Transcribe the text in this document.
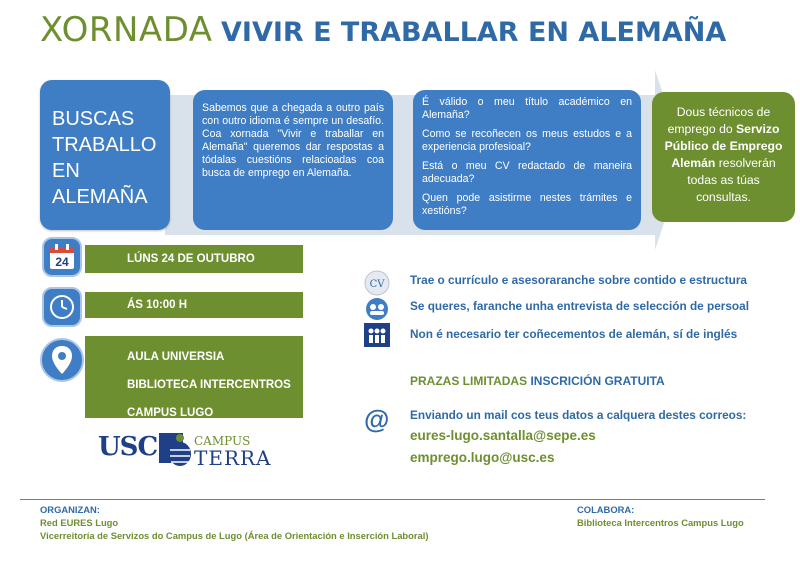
XORNADA VIVIR E TRABALLAR EN ALEMAÑA
BUSCAS
TRABALLO
EN
ALEMAÑA
Sabemos que a chegada a outro país con outro idioma é sempre un desafío. Coa xornada "Vivir e traballar en Alemaña" queremos dar respostas a tódalas cuestións relacioadas coa busca de emprego en Alemaña.

É válido o meu título académico en Alemaña?

Como se recoñecen os meus estudos e a experiencia profesioal?

Está o meu CV redactado de maneira adecuada?

Quen pode asistirme nestes trámites e xestións?

Dous técnicos de emprego do Servizo Público de Emprego Alemán resolverán todas as túas consultas.
24	LÚNS 24 DE OUTUBRO
ÁS 10:00 H
AULA UNIVERSIA
BIBLIOTECA INTERCENTROS
CAMPUS LUGO
CV Trae o currículo e asesoraranche sobre contido e estructura
Se queres, faranche unha entrevista de selección de persoal
Non é necesario ter coñecementos de alemán, sí de inglés
PRAZAS LIMITADAS INSCRICIÓN GRATUITA
@ Enviando un mail cos teus datos a calquera destes correos:
eures-lugo.santalla@sepe.es
emprego.lugo@usc.es
USC	CAMPUS
TERRA
ORGANIZAN:
Red EURES Lugo
Vicerreitoría de Servizos do Campus de Lugo (Área de Orientación e Inserción Laboral)
COLABORA:
Biblioteca Intercentros Campus Lugo
